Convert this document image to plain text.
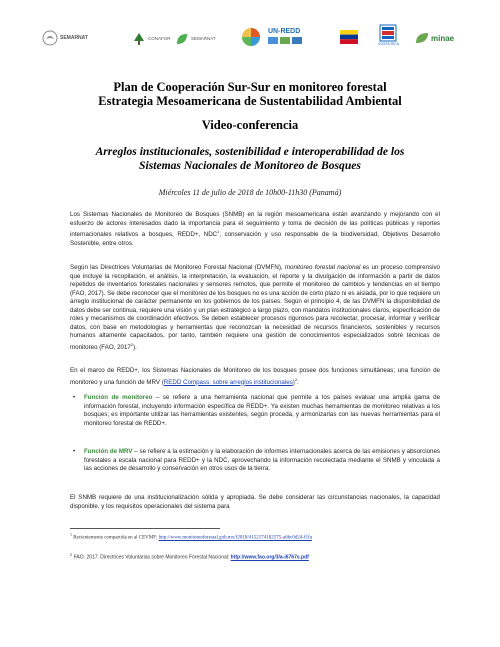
SEMARNAT	CONAFOR	SEMARNAT
UN-REDD
COSTA RICA
minae
Plan de Cooperación Sur-Sur en monitoreo forestal
Estrategia Mesoamericana de Sustentabilidad Ambiental
Video-conferencia
Arreglos institucionales, sostenibilidad e interoperabilidad de los
Sistemas Nacionales de Monitoreo de Bosques
Miércoles 11 de julio de 2018 de 10h00-11h30 (Panamá)
Los Sistemas Nacionales de Monitoreo de Bosques (SNMB) en la región mesoamericana están avanzando y mejorando con el esfuerzo de actores interesados dado la importancia para el seguimiento y toma de decisión de las políticas públicas y reportes internacionales relativos a bosques, REDD+, NDC$^1$, conservación y uso responsable de la biodiversidad, Objetivos Desarrollo Sostenible, entre otros.
Según las Directrices Voluntarias de Monitoreo Forestal Nacional (DVMFN), monitoreo forestal nacional es un proceso comprensivo que incluye la recopilación, el análisis, la interpretación, la evaluación, el reporte y la divulgación de información a partir de datos repetidos de inventarios forestales nacionales y sensores remotos, que permite el monitoreo de cambios y tendencias en el tiempo (FAO, 2017). Se debe reconocer que el monitoreo de los bosques no es una acción de corto plazo ni es aislada, por lo que requiere un arreglo institucional de carácter permanente en los gobiernos de los países. Según el principio 4, de las DVMFN la disponibilidad de datos debe ser continua, requiere una visión y un plan estratégico a largo plazo, con mandatos institucionales claros, especificación de roles y mecanismos de coordinación efectivos. Se deben establecer procesos rigurosos para recolectar, procesar, informar y verificar datos, con base en metodologías y herramientas que reconozcan la necesidad de recursos financieros, sostenibles y recursos humanos altamente capacitados, por tanto, también requiere una gestión de conocimientos especializados sobre técnicas de monitoreo (FAO, 2017$^2$).
En el marco de REDD+, los Sistemas Nacionales de Monitoreo de los bosques posee dos funciones simultáneas; una función de monitoreo y una función de MRV (REDD Compass: sobre arreglos institucionales)$^2$:
• Función de monitoreo – se refiere a una herramienta nacional que permite a los países evaluar una amplia gama de información forestal, incluyendo información específica de REDD+. Ya existen muchas herramientas de monitoreo relativas a los bosques; es importante utilizar las herramientas existentes, según proceda, y armonizarlas con las nuevas herramientas para el monitoreo forestal de REDD+.
• Función de MRV – se refiere a la estimación y la elaboración de informes internacionales acerca de las emisiones y absorciones forestales a escala nacional para REDD+ y la NDC, aprovechando la información recolectada mediante el SNMB y vinculada a las acciones de desarrollo y conservación en otros usos de la tierra.
El SNMB requiere de una institucionalización sólida y apropiada. Se debe considerar las circunstancias nacionales, la capacidad disponible, y los requisitos operacionales del sistema para
$^1$ Recientemente compartida en al CEVMF: http://www.monitoreoforestal.gob.mx/f2018/4152174182575-a6bc0d24-f1fa
$^2$ FAO. 2017. Directrices Voluntarias sobre Monitoreo Forestal Nacional: http://www.fao.org/3/a-i6767s.pdf
